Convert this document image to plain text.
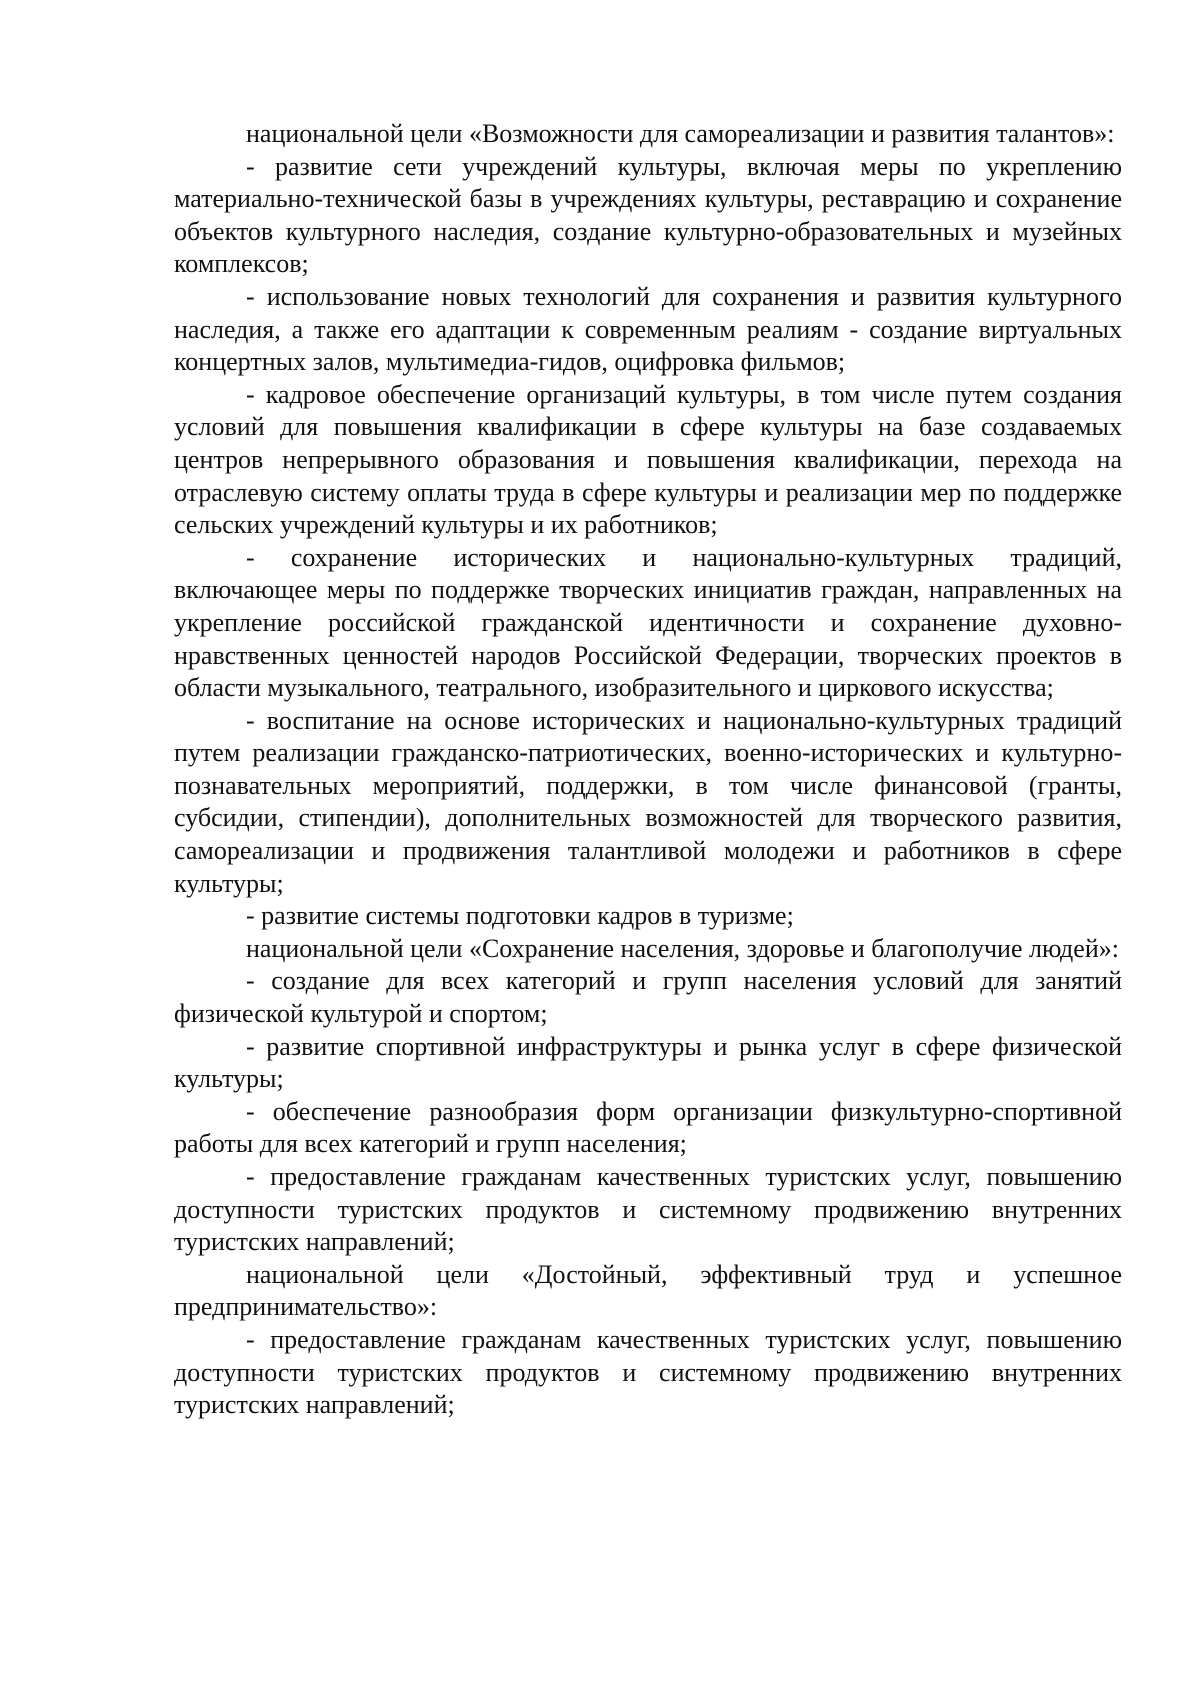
национальной цели «Возможности для самореализации и развития талантов»:

- развитие сети учреждений культуры, включая меры по укреплению материально-технической базы в учреждениях культуры, реставрацию и сохранение объектов культурного наследия, создание культурно-образовательных и музейных комплексов;

- использование новых технологий для сохранения и развития культурного наследия, а также его адаптации к современным реалиям - создание виртуальных концертных залов, мультимедиа-гидов, оцифровка фильмов;

- кадровое обеспечение организаций культуры, в том числе путем создания условий для повышения квалификации в сфере культуры на базе создаваемых центров непрерывного образования и повышения квалификации, перехода на отраслевую систему оплаты труда в сфере культуры и реализации мер по поддержке сельских учреждений культуры и их работников;

- сохранение исторических и национально-культурных традиций, включающее меры по поддержке творческих инициатив граждан, направленных на укрепление российской гражданской идентичности и сохранение духовно-нравственных ценностей народов Российской Федерации, творческих проектов в области музыкального, театрального, изобразительного и циркового искусства;

- воспитание на основе исторических и национально-культурных традиций путем реализации гражданско-патриотических, военно-исторических и культурно-познавательных мероприятий, поддержки, в том числе финансовой (гранты, субсидии, стипендии), дополнительных возможностей для творческого развития, самореализации и продвижения талантливой молодежи и работников в сфере культуры;

- развитие системы подготовки кадров в туризме;

национальной цели «Сохранение населения, здоровье и благополучие людей»:

- создание для всех категорий и групп населения условий для занятий физической культурой и спортом;

- развитие спортивной инфраструктуры и рынка услуг в сфере физической культуры;

- обеспечение разнообразия форм организации физкультурно-спортивной работы для всех категорий и групп населения;

- предоставление гражданам качественных туристских услуг, повышению доступности туристских продуктов и системному продвижению внутренних туристских направлений;

национальной цели «Достойный, эффективный труд и успешное предпринимательство»:

- предоставление гражданам качественных туристских услуг, повышению доступности туристских продуктов и системному продвижению внутренних туристских направлений;
